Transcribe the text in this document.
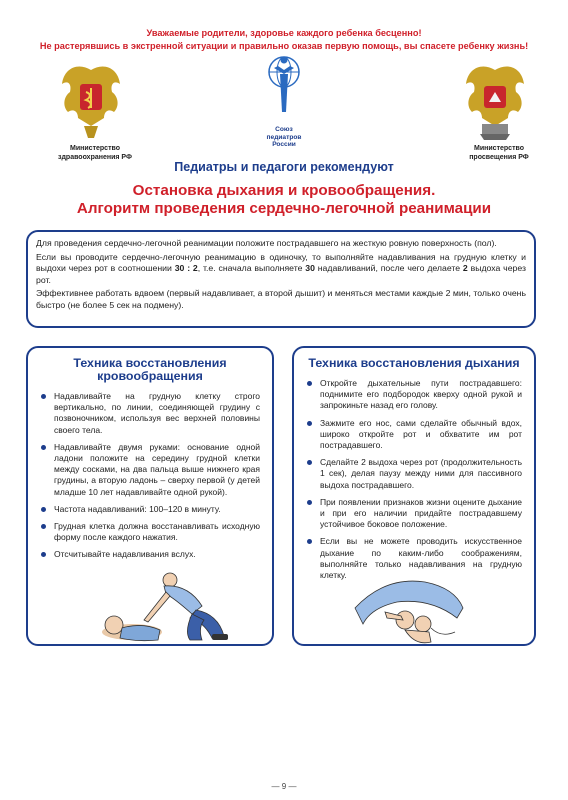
Уважаемые родители, здоровье каждого ребенка бесценно!
Не растерявшись в экстренной ситуации и правильно оказав первую помощь, вы спасете ребенку жизнь!
Министерство
здравоохранения РФ
Союз
педиатров
России
Министерство
просвещения РФ
Педиатры и педагоги рекомендуют
Остановка дыхания и кровообращения.
Алгоритм проведения сердечно-легочной реанимации

Для проведения сердечно-легочной реанимации положите пострадавшего на жесткую ровную поверхность (пол).

Если вы проводите сердечно-легочную реанимацию в одиночку, то выполняйте надавливания на грудную клетку и выдохи через рот в соотношении 30 : 2, т.е. сначала выполняете 30 надавливаний, после чего делаете 2 выдоха через рот.

Эффективнее работать вдвоем (первый надавливает, а второй дышит) и меняться местами каждые 2 мин, только очень быстро (не более 5 сек на подмену).

Техника восстановления
кровообращения
Надавливайте на грудную клетку строго вертикально, по линии, соединяющей грудину с позвоночником, используя вес верхней половины своего тела.
Надавливайте двумя руками: основание одной ладони положите на середину грудной клетки между сосками, на два пальца выше нижнего края грудины, а вторую ладонь – сверху первой (у детей младше 10 лет надавливайте одной рукой).
Частота надавливаний: 100–120 в минуту.
Грудная клетка должна восстанавливать исходную форму после каждого нажатия.
Отсчитывайте надавливания вслух.
Техника восстановления дыхания
Откройте дыхательные пути пострадавшего: поднимите его подбородок кверху одной рукой и запрокиньте назад его голову.
Зажмите его нос, сами сделайте обычный вдох, широко откройте рот и обхватите им рот пострадавшего.
Сделайте 2 выдоха через рот (продолжительность 1 сек), делая паузу между ними для пассивного выдоха пострадавшего.
При появлении признаков жизни оцените дыхание и при его наличии придайте пострадавшему устойчивое боковое положение.
Если вы не можете проводить искусственное дыхание по каким-либо соображениям, выполняйте только надавливания на грудную клетку.
— 9 —
